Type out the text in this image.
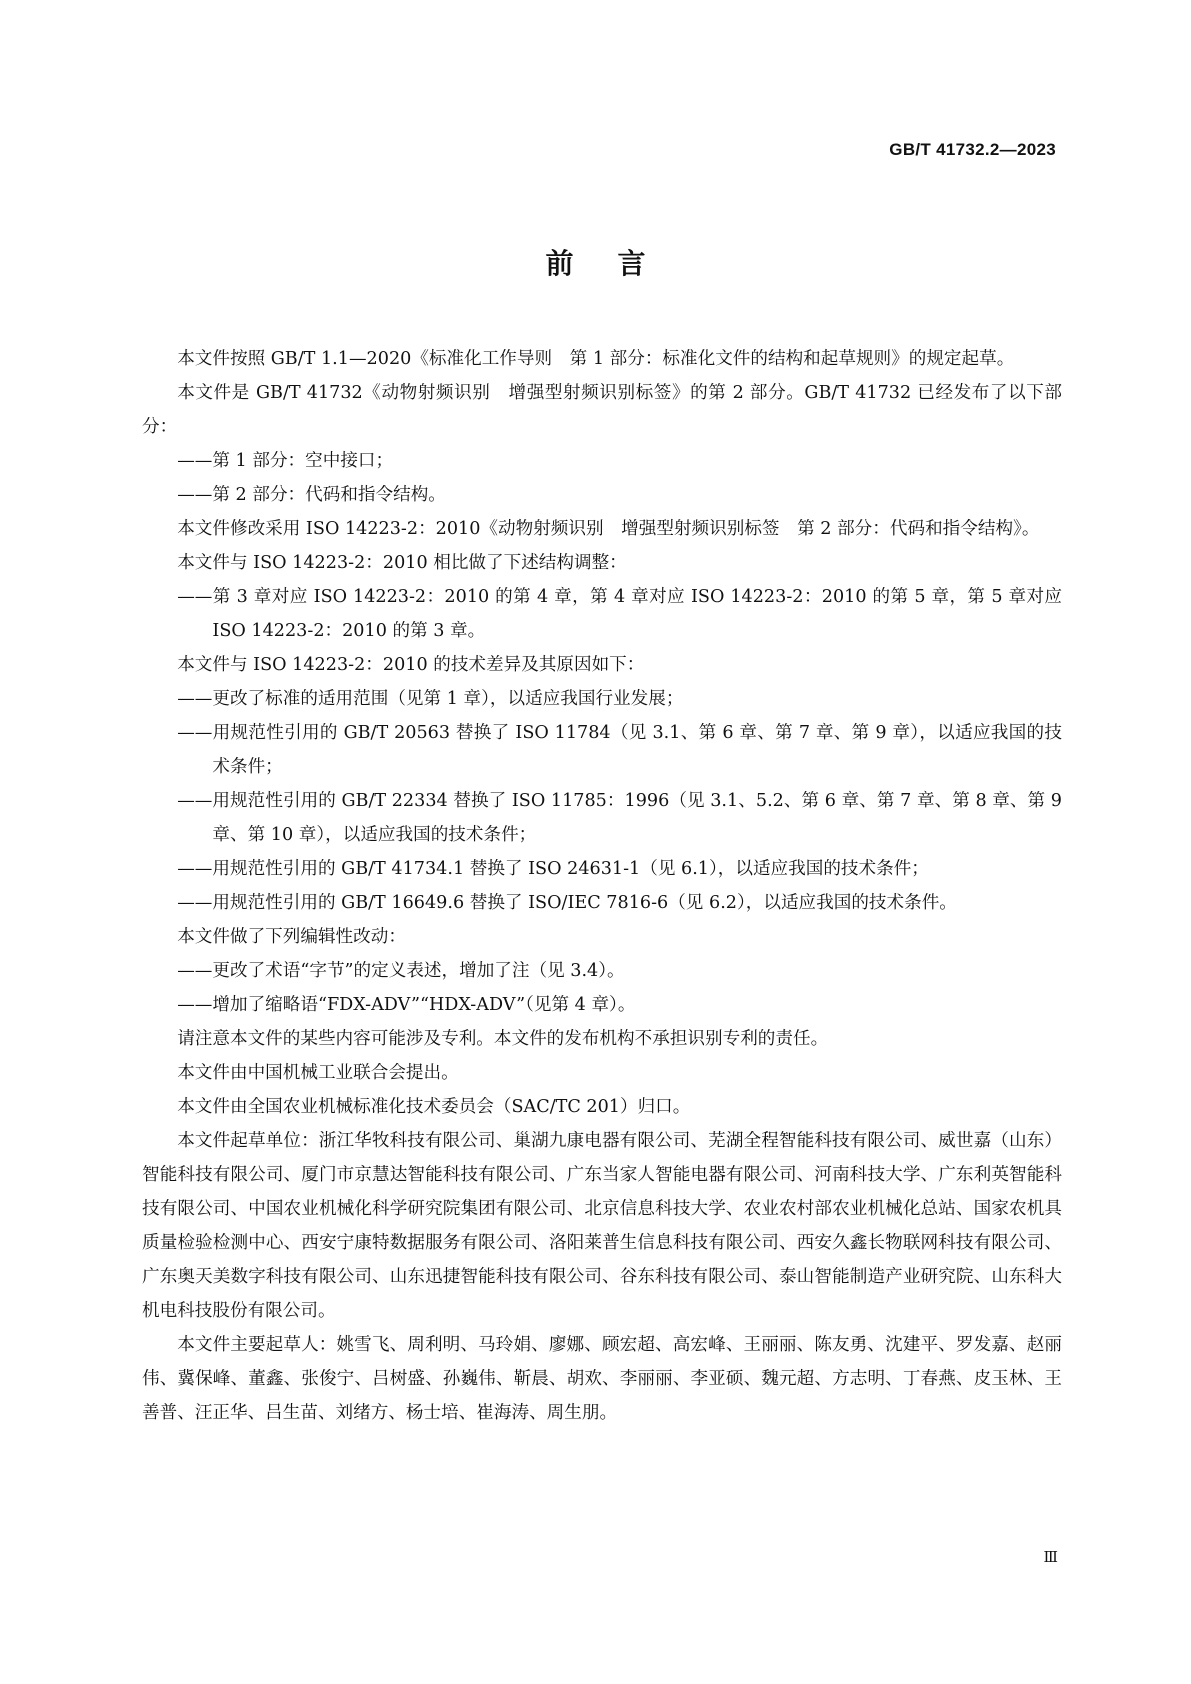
GB/T 41732.2—2023
前言

本文件按照 GB/T 1.1—2020《标准化工作导则　第 1 部分：标准化文件的结构和起草规则》的规定起草。

本文件是 GB/T 41732《动物射频识别　增强型射频识别标签》的第 2 部分。GB/T 41732 已经发布了以下部分：

——第 1 部分：空中接口；

——第 2 部分：代码和指令结构。

本文件修改采用 ISO 14223-2：2010《动物射频识别　增强型射频识别标签　第 2 部分：代码和指令结构》。

本文件与 ISO 14223-2：2010 相比做了下述结构调整：

——第 3 章对应 ISO 14223-2：2010 的第 4 章，第 4 章对应 ISO 14223-2：2010 的第 5 章，第 5 章对应 ISO 14223-2：2010 的第 3 章。

本文件与 ISO 14223-2：2010 的技术差异及其原因如下：

——更改了标准的适用范围（见第 1 章），以适应我国行业发展；

——用规范性引用的 GB/T 20563 替换了 ISO 11784（见 3.1、第 6 章、第 7 章、第 9 章），以适应我国的技术条件；

——用规范性引用的 GB/T 22334 替换了 ISO 11785：1996（见 3.1、5.2、第 6 章、第 7 章、第 8 章、第 9 章、第 10 章），以适应我国的技术条件；

——用规范性引用的 GB/T 41734.1 替换了 ISO 24631-1（见 6.1），以适应我国的技术条件；

——用规范性引用的 GB/T 16649.6 替换了 ISO/IEC 7816-6（见 6.2），以适应我国的技术条件。

本文件做了下列编辑性改动：

——更改了术语“字节”的定义表述，增加了注（见 3.4）。

——增加了缩略语“FDX-ADV”“HDX-ADV”（见第 4 章）。

请注意本文件的某些内容可能涉及专利。本文件的发布机构不承担识别专利的责任。

本文件由中国机械工业联合会提出。

本文件由全国农业机械标准化技术委员会（SAC/TC 201）归口。

本文件起草单位：浙江华牧科技有限公司、巢湖九康电器有限公司、芜湖全程智能科技有限公司、威世嘉（山东）智能科技有限公司、厦门市京慧达智能科技有限公司、广东当家人智能电器有限公司、河南科技大学、广东利英智能科技有限公司、中国农业机械化科学研究院集团有限公司、北京信息科技大学、农业农村部农业机械化总站、国家农机具质量检验检测中心、西安宁康特数据服务有限公司、洛阳莱普生信息科技有限公司、西安久鑫长物联网科技有限公司、广东奥天美数字科技有限公司、山东迅捷智能科技有限公司、谷东科技有限公司、泰山智能制造产业研究院、山东科大机电科技股份有限公司。

本文件主要起草人：姚雪飞、周利明、马玲娟、廖娜、顾宏超、高宏峰、王丽丽、陈友勇、沈建平、罗发嘉、赵丽伟、冀保峰、董鑫、张俊宁、吕树盛、孙巍伟、靳晨、胡欢、李丽丽、李亚硕、魏元超、方志明、丁春燕、皮玉林、王善普、汪正华、吕生苗、刘绪方、杨士培、崔海涛、周生朋。

Ⅲ
